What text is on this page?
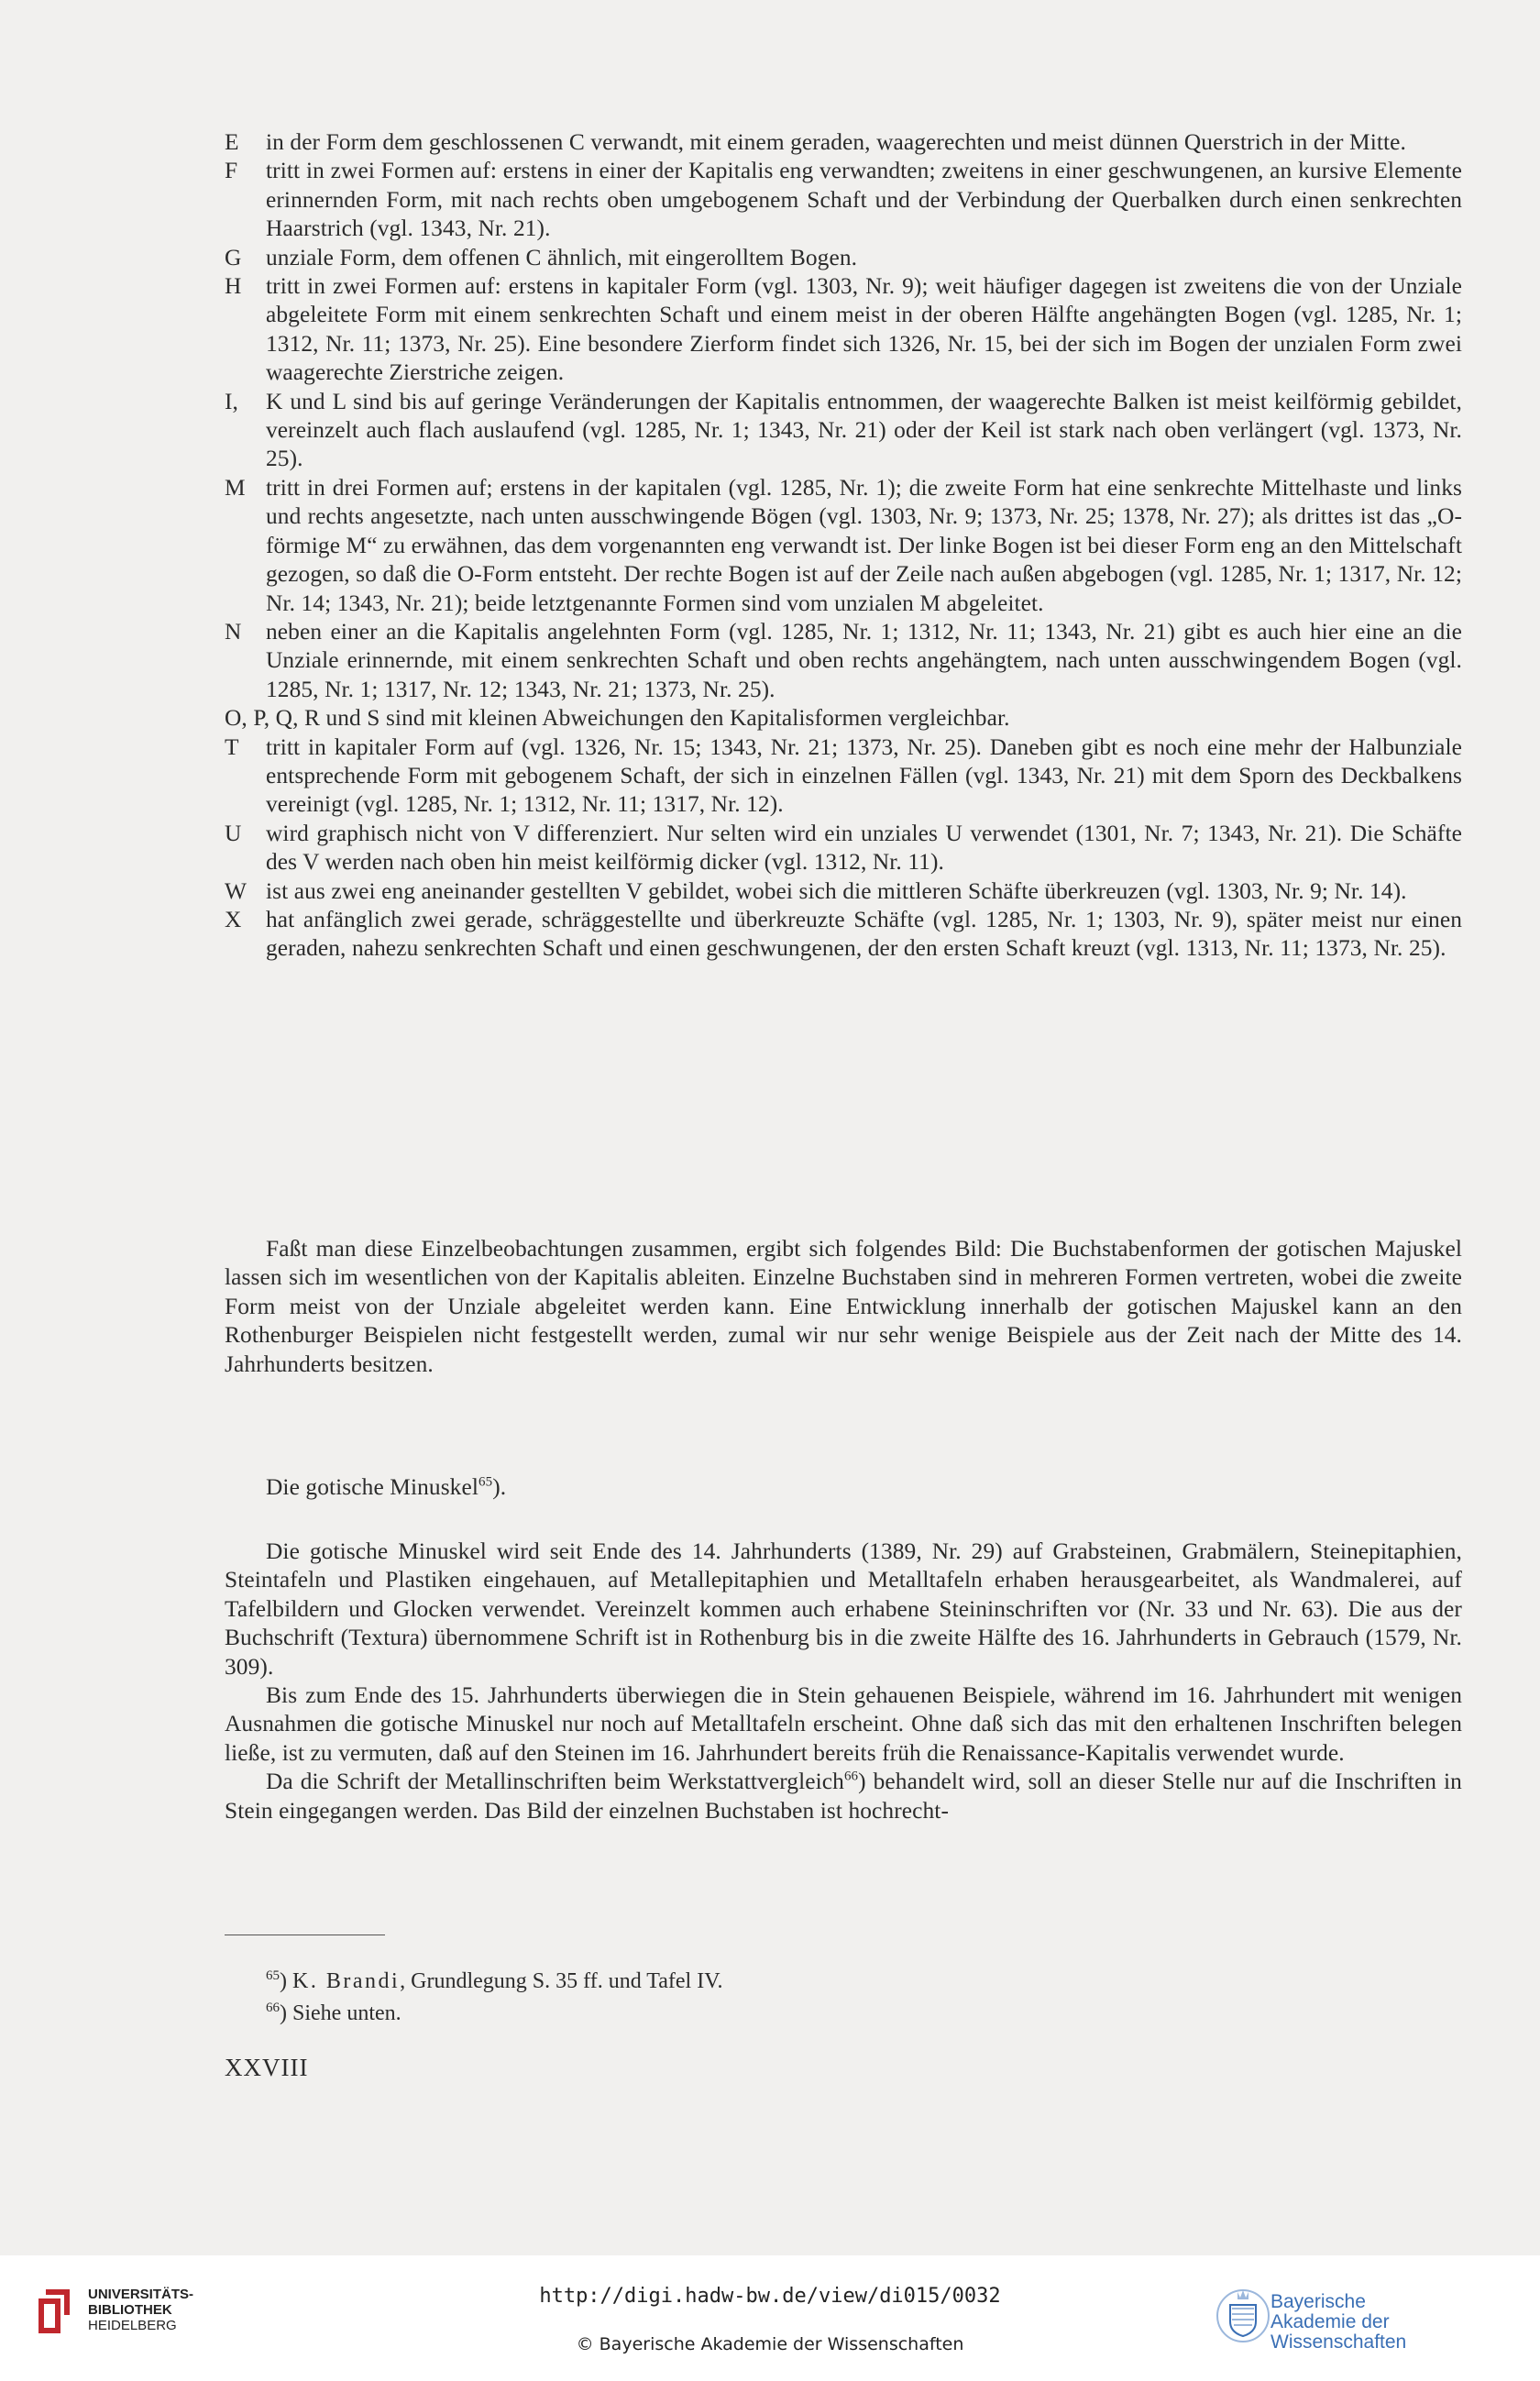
E	in der Form dem geschlossenen C verwandt, mit einem geraden, waagerechten und meist dünnen Querstrich in der Mitte.
F	tritt in zwei Formen auf: erstens in einer der Kapitalis eng verwandten; zweitens in einer geschwungenen, an kursive Elemente erinnernden Form, mit nach rechts oben umgebogenem Schaft und der Verbindung der Querbalken durch einen senkrechten Haarstrich (vgl. 1343, Nr. 21).
G	unziale Form, dem offenen C ähnlich, mit eingerolltem Bogen.
H	tritt in zwei Formen auf: erstens in kapitaler Form (vgl. 1303, Nr. 9); weit häufiger dagegen ist zweitens die von der Unziale abgeleitete Form mit einem senkrechten Schaft und einem meist in der oberen Hälfte angehängten Bogen (vgl. 1285, Nr. 1; 1312, Nr. 11; 1373, Nr. 25). Eine besondere Zierform findet sich 1326, Nr. 15, bei der sich im Bogen der unzialen Form zwei waagerechte Zierstriche zeigen.
I,	K und L sind bis auf geringe Veränderungen der Kapitalis entnommen, der waagerechte Balken ist meist keilförmig gebildet, vereinzelt auch flach auslaufend (vgl. 1285, Nr. 1; 1343, Nr. 21) oder der Keil ist stark nach oben verlängert (vgl. 1373, Nr. 25).
M tritt in drei Formen auf; erstens in der kapitalen (vgl. 1285, Nr. 1); die zweite Form hat eine senkrechte Mittelhaste und links und rechts angesetzte, nach unten ausschwingende Bögen (vgl. 1303, Nr. 9; 1373, Nr. 25; 1378, Nr. 27); als drittes ist das „O-förmige M“ zu erwähnen, das dem vorgenannten eng verwandt ist. Der linke Bogen ist bei dieser Form eng an den Mittelschaft gezogen, so daß die O-Form entsteht. Der rechte Bogen ist auf der Zeile nach außen abgebogen (vgl. 1285, Nr. 1; 1317, Nr. 12; Nr. 14; 1343, Nr. 21); beide letztgenannte Formen sind vom unzialen M abgeleitet.
N	neben einer an die Kapitalis angelehnten Form (vgl. 1285, Nr. 1; 1312, Nr. 11; 1343, Nr. 21) gibt es auch hier eine an die Unziale erinnernde, mit einem senkrechten Schaft und oben rechts angehängtem, nach unten ausschwingendem Bogen (vgl. 1285, Nr. 1; 1317, Nr. 12; 1343, Nr. 21; 1373, Nr. 25).
O, P, Q, R und S sind mit kleinen Abweichungen den Kapitalisformen vergleichbar.
T	tritt in kapitaler Form auf (vgl. 1326, Nr. 15; 1343, Nr. 21; 1373, Nr. 25). Daneben gibt es noch eine mehr der Halbunziale entsprechende Form mit gebogenem Schaft, der sich in einzelnen Fällen (vgl. 1343, Nr. 21) mit dem Sporn des Deckbalkens vereinigt (vgl. 1285, Nr. 1; 1312, Nr. 11; 1317, Nr. 12).
U	wird graphisch nicht von V differenziert. Nur selten wird ein unziales U verwendet (1301, Nr. 7; 1343, Nr. 21). Die Schäfte des V werden nach oben hin meist keilförmig dicker (vgl. 1312, Nr. 11).
W ist aus zwei eng aneinander gestellten V gebildet, wobei sich die mittleren Schäfte überkreuzen (vgl. 1303, Nr. 9; Nr. 14).
X	hat anfänglich zwei gerade, schräggestellte und überkreuzte Schäfte (vgl. 1285, Nr. 1; 1303, Nr. 9), später meist nur einen geraden, nahezu senkrechten Schaft und einen geschwungenen, der den ersten Schaft kreuzt (vgl. 1313, Nr. 11; 1373, Nr. 25).

Faßt man diese Einzelbeobachtungen zusammen, ergibt sich folgendes Bild: Die Buchstabenformen der gotischen Majuskel lassen sich im wesentlichen von der Kapitalis ableiten. Einzelne Buchstaben sind in mehreren Formen vertreten, wobei die zweite Form meist von der Unziale abgeleitet werden kann. Eine Entwicklung innerhalb der gotischen Majuskel kann an den Rothenburger Beispielen nicht festgestellt werden, zumal wir nur sehr wenige Beispiele aus der Zeit nach der Mitte des 14. Jahrhunderts besitzen.

Die gotische Minuskel$^{65}$).

Die gotische Minuskel wird seit Ende des 14. Jahrhunderts (1389, Nr. 29) auf Grabsteinen, Grabmälern, Steinepitaphien, Steintafeln und Plastiken eingehauen, auf Metallepitaphien und Metalltafeln erhaben herausgearbeitet, als Wandmalerei, auf Tafelbildern und Glocken verwendet. Vereinzelt kommen auch erhabene Steininschriften vor (Nr. 33 und Nr. 63). Die aus der Buchschrift (Textura) übernommene Schrift ist in Rothenburg bis in die zweite Hälfte des 16. Jahrhunderts in Gebrauch (1579, Nr. 309).

Bis zum Ende des 15. Jahrhunderts überwiegen die in Stein gehauenen Beispiele, während im 16. Jahrhundert mit wenigen Ausnahmen die gotische Minuskel nur noch auf Metalltafeln erscheint. Ohne daß sich das mit den erhaltenen Inschriften belegen ließe, ist zu vermuten, daß auf den Steinen im 16. Jahrhundert bereits früh die Renaissance-Kapitalis verwendet wurde.

Da die Schrift der Metallinschriften beim Werkstattvergleich$^{66}$) behandelt wird, soll an dieser Stelle nur auf die Inschriften in Stein eingegangen werden. Das Bild der einzelnen Buchstaben ist hochrecht-

$^{65}$) K. Brandi, Grundlegung S. 35 ff. und Tafel IV.
$^{66}$) Siehe unten.
XXVIII
UNIVERSITÄTS-
BIBLIOTHEK
HEIDELBERG
http://digi.hadw-bw.de/view/di015/0032
© Bayerische Akademie der Wissenschaften
Bayerische
Akademie der Wissenschaften
